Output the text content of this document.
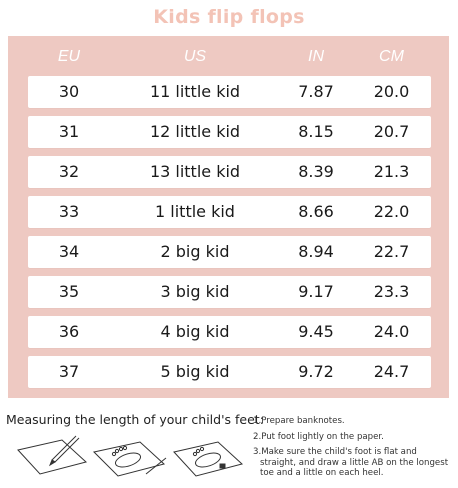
Kids flip flops
EU	US	IN	CM
30	11 little kid	7.87	20.0
31	12 little kid	8.15	20.7
32	13 little kid	8.39	21.3
33	1 little kid	8.66	22.0
34	2 big kid	8.94	22.7
35	3 big kid	9.17	23.3
36	4 big kid	9.45	24.0
37	5 big kid	9.72	24.7
Measuring the length of your child's feet:
1.Prepare banknotes.
2.Put foot lightly on the paper.
3.Make sure the child's foot is flat and
straight, and draw a little AB on the longest
toe and a little on each heel.
